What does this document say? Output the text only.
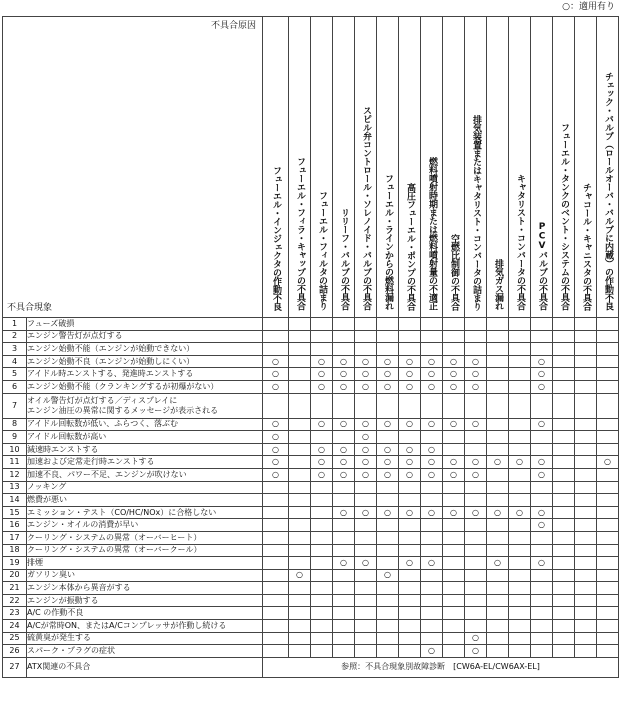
○：適用有り
不具合原因
不具合現象		フューエル・インジェクタの作動不良	フューエル・フィラ・キャップの不具合	フューエル・フィルタの詰まり	リリーフ・バルブの不具合	スピル弁コントロール・ソレノイド・バルブの不具合	フューエル・ラインからの燃料漏れ	高圧フューエル・ポンプの不具合	燃料噴射時期または燃料噴射量の不適正	空燃比制御の不具合	排気装置またはキャタリスト・コンバータの詰まり	排気ガス漏れ	キャタリスト・コンバータの不具合	PCVバルブの不具合	フューエル・タンクのベント・システムの不具合	チャコール・キャニスタの不具合	チェック・バルブ（ロールオーバ・バルブに内蔵）の作動不良
1	フューズ破損																
2	エンジン警告灯が点灯する																
3	エンジン始動不能（エンジンが始動できない）																
4	エンジン始動不良（エンジンが始動しにくい）	○		○	○	○	○	○	○	○	○			○			
5	アイドル時エンストする、発進時エンストする	○		○	○	○	○	○	○	○	○			○			
6	エンジン始動不能（クランキングするが初爆がない）	○		○	○	○	○	○	○	○	○			○			
7	オイル警告灯が点灯する／ディスプレイに
エンジン油圧の異常に関するメッセージが表示される																
8	アイドル回転数が低い、ふらつく、落ぶむ	○		○	○	○	○	○	○	○	○			○			
9	アイドル回転数が高い	○				○											
10	減速時エンストする	○		○	○	○	○	○	○								
11	加速および定常走行時エンストする	○		○	○	○	○	○	○	○	○	○	○	○			○
12	加速不良、パワー不足、エンジンが吹けない	○		○	○	○	○	○	○	○	○			○			
13	ノッキング																
14	燃費が悪い																
15	エミッション・テスト（CO/HC/NOx）に合格しない				○	○	○	○	○	○	○	○	○	○			
16	エンジン・オイルの消費が早い													○			
17	クーリング・システムの異常（オーバーヒート）																
18	クーリング・システムの異常（オーバークール）																
19	排煙				○	○		○	○			○		○			
20	ガソリン臭い		○				○										
21	エンジン本体から異音がする																
22	エンジンが振動する																
23	A/C の作動不良																
24	A/Cが常時ON、またはA/Cコンプレッサが作動し続ける																
25	硫黄臭が発生する										○						
26	スパーク・プラグの症状								○		○						
27	ATX関連の不具合	参照：不具合現象別故障診断　[CW6A-EL/CW6AX-EL]															
